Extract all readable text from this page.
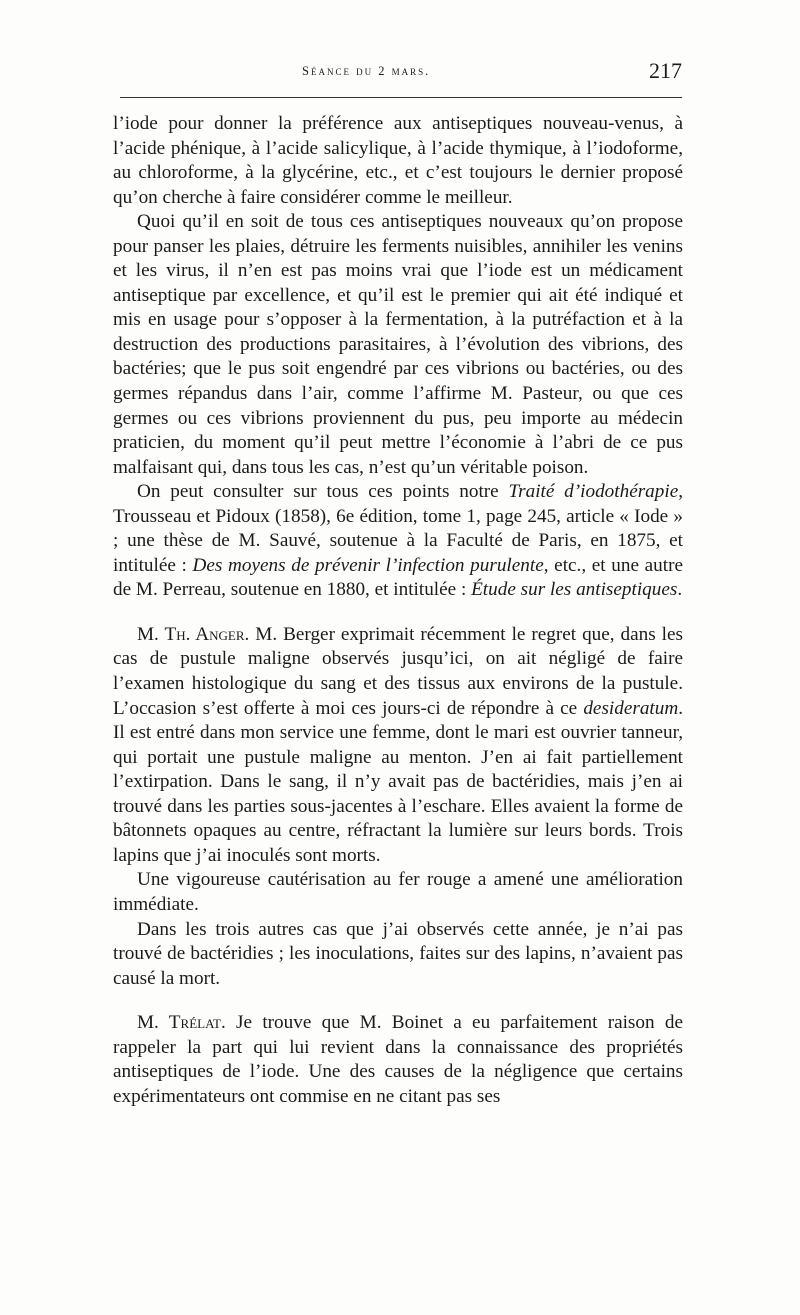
Séance du 2 mars.	217

l’iode pour donner la préférence aux antiseptiques nouveau-venus, à l’acide phénique, à l’acide salicylique, à l’acide thymique, à l’iodoforme, au chloroforme, à la glycérine, etc., et c’est toujours le dernier proposé qu’on cherche à faire considérer comme le meilleur.

Quoi qu’il en soit de tous ces antiseptiques nouveaux qu’on propose pour panser les plaies, détruire les ferments nuisibles, annihiler les venins et les virus, il n’en est pas moins vrai que l’iode est un médicament antiseptique par excellence, et qu’il est le premier qui ait été indiqué et mis en usage pour s’opposer à la fermentation, à la putréfaction et à la destruction des productions parasitaires, à l’évolution des vibrions, des bactéries; que le pus soit engendré par ces vibrions ou bactéries, ou des germes répandus dans l’air, comme l’affirme M. Pasteur, ou que ces germes ou ces vibrions proviennent du pus, peu importe au médecin praticien, du moment qu’il peut mettre l’économie à l’abri de ce pus malfaisant qui, dans tous les cas, n’est qu’un véritable poison.

On peut consulter sur tous ces points notre Traité d’iodothérapie, Trousseau et Pidoux (1858), 6e édition, tome 1, page 245, article « Iode » ; une thèse de M. Sauvé, soutenue à la Faculté de Paris, en 1875, et intitulée : Des moyens de prévenir l’infection purulente, etc., et une autre de M. Perreau, soutenue en 1880, et intitulée : Étude sur les antiseptiques.

M. Th. Anger. M. Berger exprimait récemment le regret que, dans les cas de pustule maligne observés jusqu’ici, on ait négligé de faire l’examen histologique du sang et des tissus aux environs de la pustule. L’occasion s’est offerte à moi ces jours-ci de répondre à ce desideratum. Il est entré dans mon service une femme, dont le mari est ouvrier tanneur, qui portait une pustule maligne au menton. J’en ai fait partiellement l’extirpation. Dans le sang, il n’y avait pas de bactéridies, mais j’en ai trouvé dans les parties sous-jacentes à l’eschare. Elles avaient la forme de bâtonnets opaques au centre, réfractant la lumière sur leurs bords. Trois lapins que j’ai inoculés sont morts.

Une vigoureuse cautérisation au fer rouge a amené une amélioration immédiate.

Dans les trois autres cas que j’ai observés cette année, je n’ai pas trouvé de bactéridies ; les inoculations, faites sur des lapins, n’avaient pas causé la mort.

M. Trélat. Je trouve que M. Boinet a eu parfaitement raison de rappeler la part qui lui revient dans la connaissance des propriétés antiseptiques de l’iode. Une des causes de la négligence que certains expérimentateurs ont commise en ne citant pas ses
